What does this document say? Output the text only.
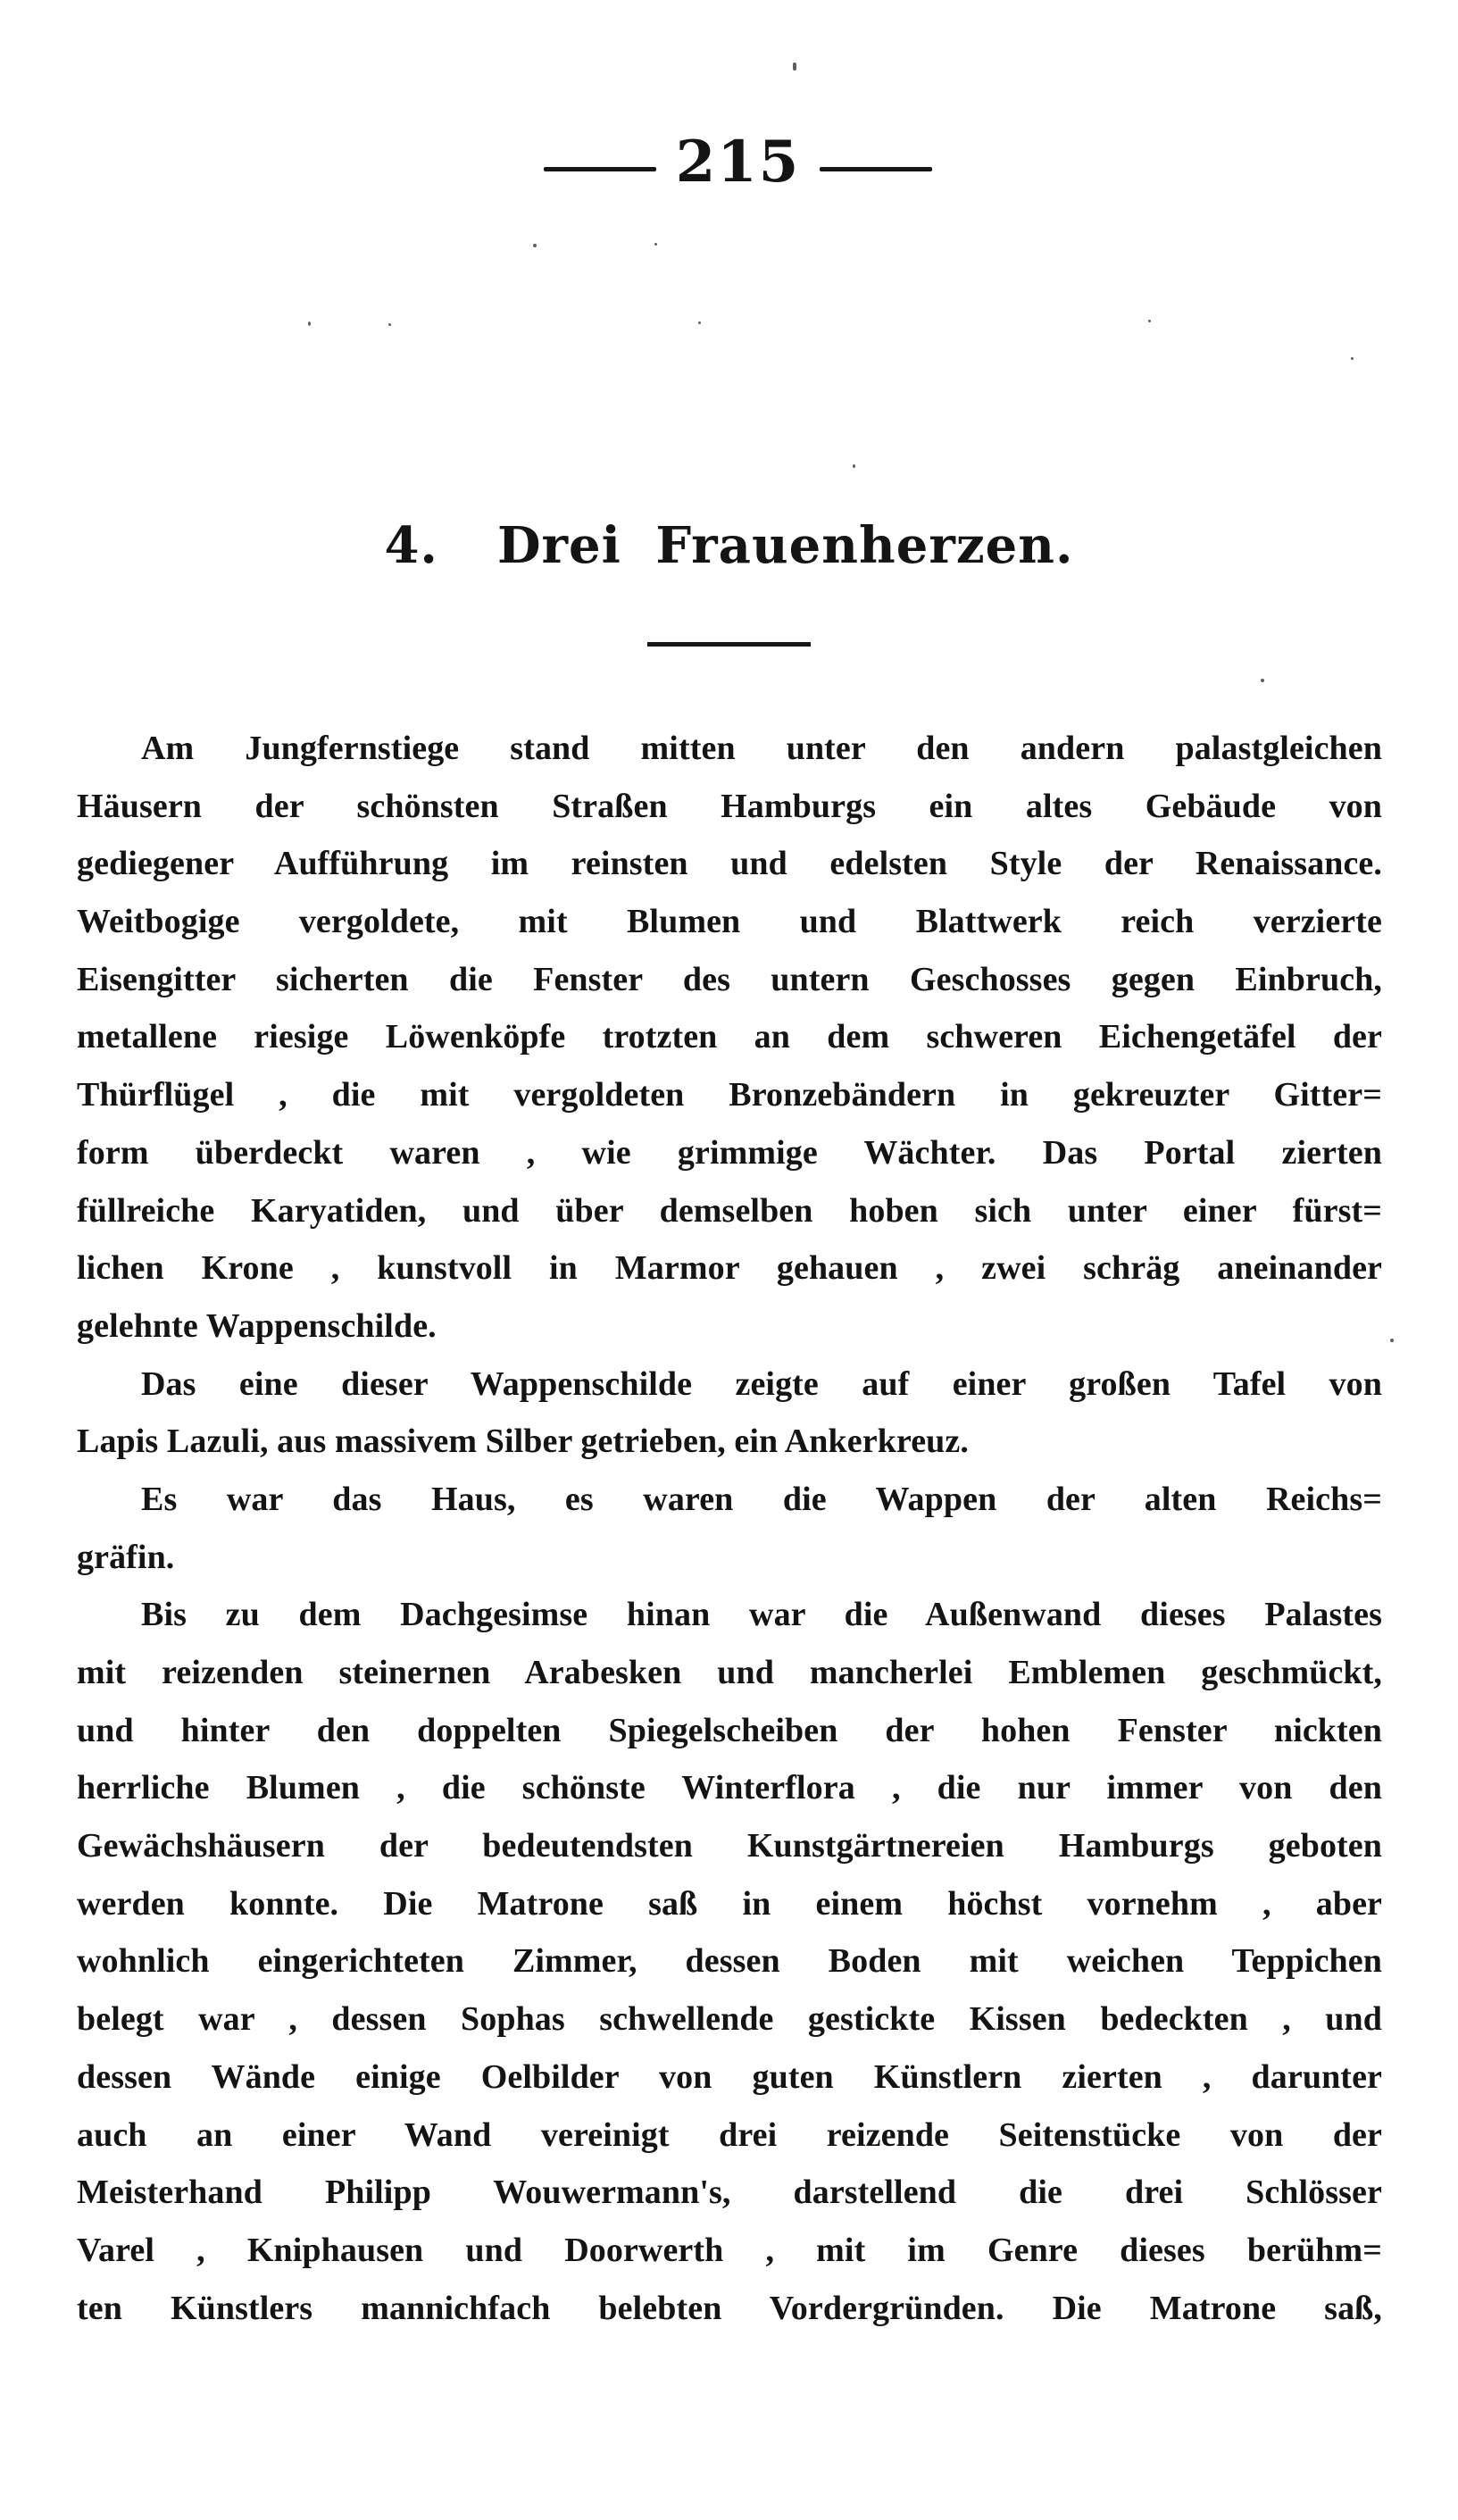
215
4. Drei Frauenherzen.
Am Jungfernstiege stand mitten unter den andern palastgleichen
Häusern der schönsten Straßen Hamburgs ein altes Gebäude von
gediegener Aufführung im reinsten und edelsten Style der Renaissance.
Weitbogige vergoldete, mit Blumen und Blattwerk reich verzierte
Eisengitter sicherten die Fenster des untern Geschosses gegen Einbruch,
metallene riesige Löwenköpfe trotzten an dem schweren Eichengetäfel der
Thürflügel , die mit vergoldeten Bronzebändern in gekreuzter Gitter=
form überdeckt waren , wie grimmige Wächter. Das Portal zierten
füllreiche Karyatiden, und über demselben hoben sich unter einer fürst=
lichen Krone , kunstvoll in Marmor gehauen , zwei schräg aneinander
gelehnte Wappenschilde.
Das eine dieser Wappenschilde zeigte auf einer großen Tafel von
Lapis Lazuli, aus massivem Silber getrieben, ein Ankerkreuz.
Es war das Haus, es waren die Wappen der alten Reichs=
gräfin.
Bis zu dem Dachgesimse hinan war die Außenwand dieses Palastes
mit reizenden steinernen Arabesken und mancherlei Emblemen geschmückt,
und hinter den doppelten Spiegelscheiben der hohen Fenster nickten
herrliche Blumen , die schönste Winterflora , die nur immer von den
Gewächshäusern der bedeutendsten Kunstgärtnereien Hamburgs geboten
werden konnte. Die Matrone saß in einem höchst vornehm , aber
wohnlich eingerichteten Zimmer, dessen Boden mit weichen Teppichen
belegt war , dessen Sophas schwellende gestickte Kissen bedeckten , und
dessen Wände einige Oelbilder von guten Künstlern zierten , darunter
auch an einer Wand vereinigt drei reizende Seitenstücke von der
Meisterhand Philipp Wouwermann's, darstellend die drei Schlösser
Varel , Kniphausen und Doorwerth , mit im Genre dieses berühm=
ten Künstlers mannichfach belebten Vordergründen. Die Matrone saß,
